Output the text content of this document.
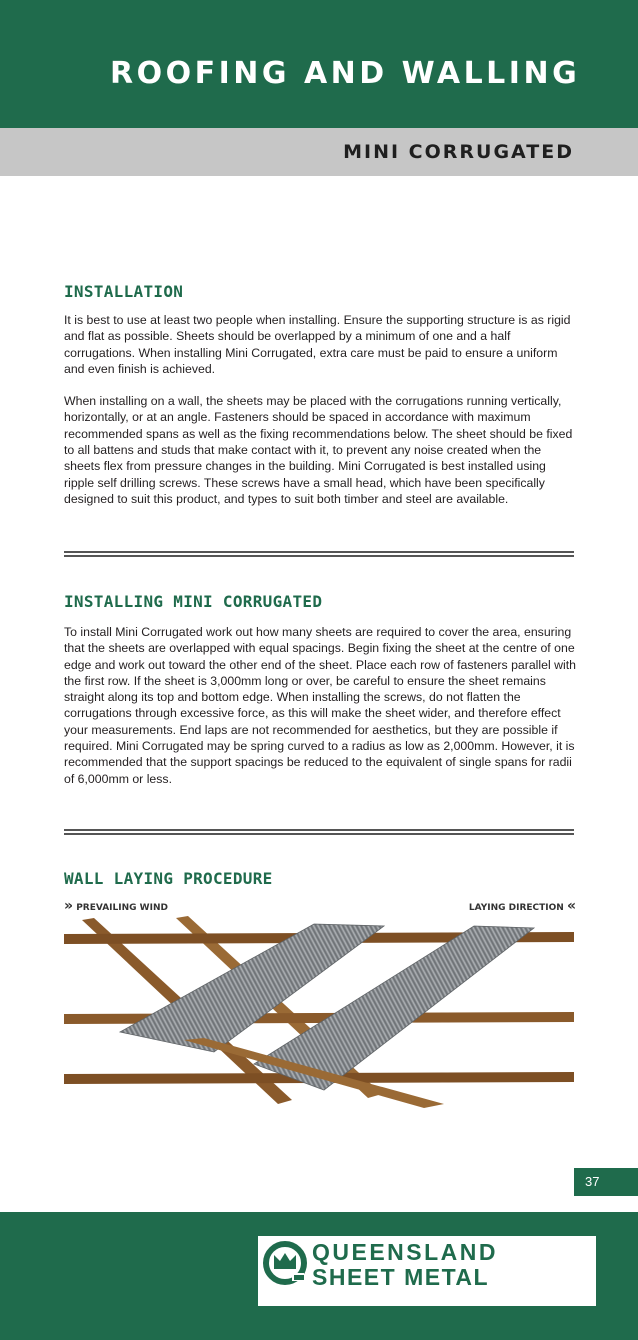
ROOFING AND WALLING
MINI CORRUGATED
INSTALLATION

It is best to use at least two people when installing. Ensure the supporting structure is as rigid and flat as possible. Sheets should be overlapped by a minimum of one and a half corrugations. When installing Mini Corrugated, extra care must be paid to ensure a uniform and even finish is achieved.

When installing on a wall, the sheets may be placed with the corrugations running vertically, horizontally, or at an angle. Fasteners should be spaced in accordance with maximum recommended spans as well as the fixing recommendations below. The sheet should be fixed to all battens and studs that make contact with it, to prevent any noise created when the sheets flex from pressure changes in the building. Mini Corrugated is best installed using ripple self drilling screws. These screws have a small head, which have been specifically designed to suit this product, and types to suit both timber and steel are available.

INSTALLING MINI CORRUGATED

To install Mini Corrugated work out how many sheets are required to cover the area, ensuring that the sheets are overlapped with equal spacings. Begin fixing the sheet at the centre of one edge and work out toward the other end of the sheet. Place each row of fasteners parallel with the first row. If the sheet is 3,000mm long or over, be careful to ensure the sheet remains straight along its top and bottom edge. When installing the screws, do not flatten the corrugations through excessive force, as this will make the sheet wider, and therefore effect your measurements. End laps are not recommended for aesthetics, but they are possible if required. Mini Corrugated may be spring curved to a radius as low as 2,000mm. However, it is recommended that the support spacings be reduced to the equivalent of single spans for radii of 6,000mm or less.

WALL LAYING PROCEDURE
» PREVAILING WIND	LAYING DIRECTION «
37
QUEENSLAND
SHEET METAL
& ROOFING SUPPLIES PTY LTD
